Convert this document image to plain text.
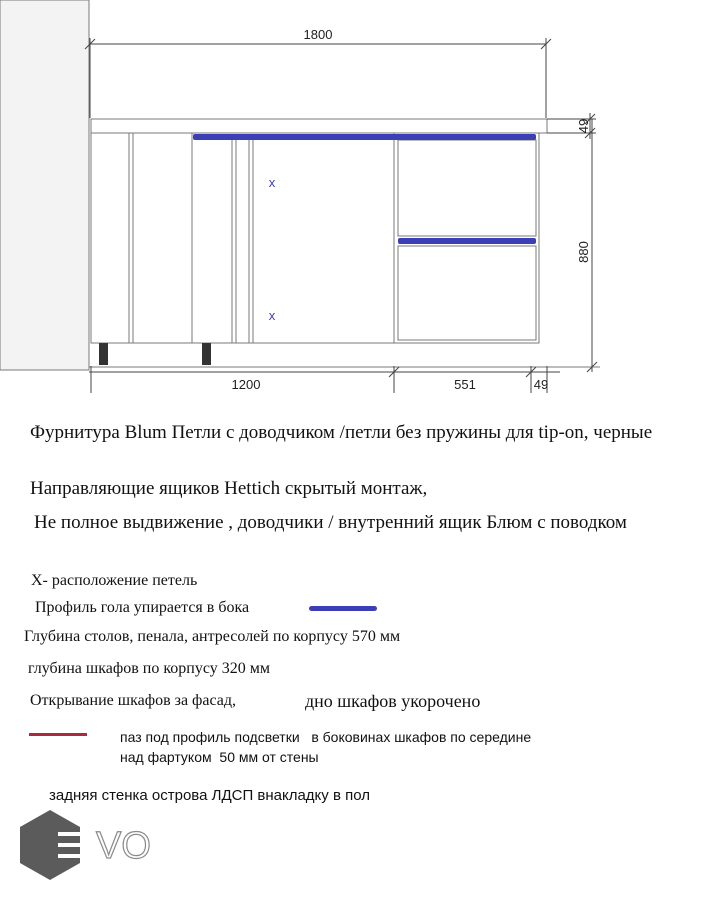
1800
x
x
49
880
1200	551	49
Фурнитура Blum Петли с доводчиком /петли без пружины для tip-on, черные
Направляющие ящиков Hettich скрытый монтаж,
Не полное выдвижение , доводчики / внутренний ящик Блюм с поводком
Х- расположение петель
Профиль гола упирается в бока
Глубина столов, пенала, антресолей по корпусу 570 мм
глубина шкафов по корпусу 320 мм
Открывание шкафов за фасад,	дно шкафов укорочено
паз под профиль подсветки   в боковинах шкафов по середине
над фартуком  50 мм от стены
задняя стенка острова ЛДСП внакладку в пол
VO
